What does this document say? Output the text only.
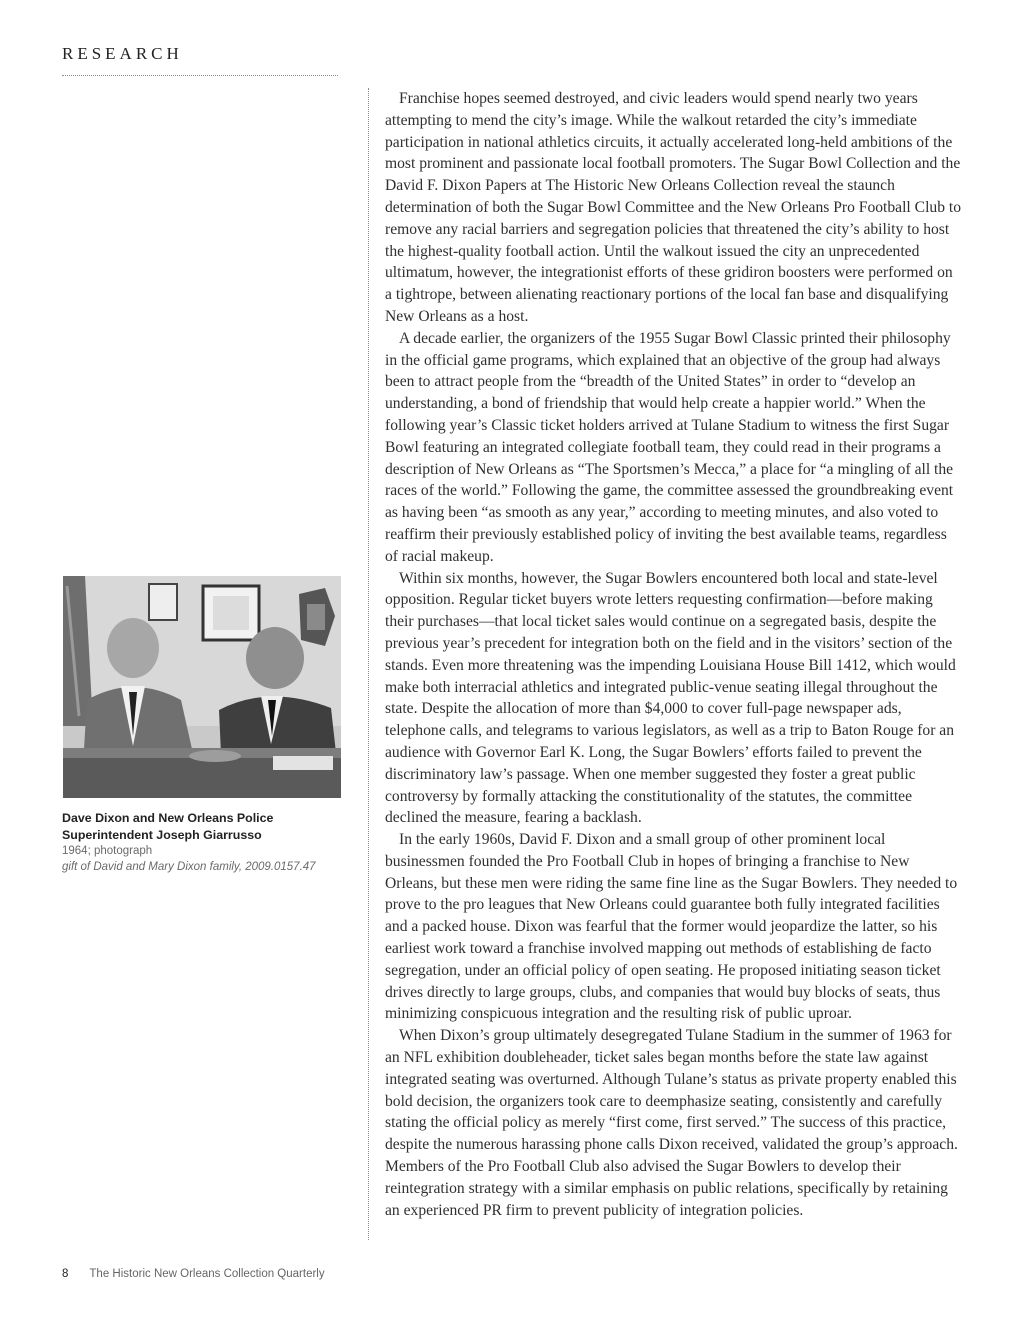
RESEARCH
Dave Dixon and New Orleans Police Superintendent Joseph Giarrusso
1964; photograph
gift of David and Mary Dixon family, 2009.0157.47

Franchise hopes seemed destroyed, and civic leaders would spend nearly two years attempting to mend the city’s image. While the walkout retarded the city’s immediate participation in national athletics circuits, it actually accelerated long-held ambitions of the most prominent and passionate local football promoters. The Sugar Bowl Collection and the David F. Dixon Papers at The Historic New Orleans Collection reveal the staunch determination of both the Sugar Bowl Committee and the New Orleans Pro Football Club to remove any racial barriers and segregation policies that threatened the city’s ability to host the highest-quality football action. Until the walkout issued the city an unprecedented ultimatum, however, the integrationist efforts of these gridiron boosters were performed on a tightrope, between alienating reactionary portions of the local fan base and disqualifying New Orleans as a host.

A decade earlier, the organizers of the 1955 Sugar Bowl Classic printed their philosophy in the official game programs, which explained that an objective of the group had always been to attract people from the “breadth of the United States” in order to “develop an understanding, a bond of friendship that would help create a happier world.” When the following year’s Classic ticket holders arrived at Tulane Stadium to witness the first Sugar Bowl featuring an integrated collegiate football team, they could read in their programs a description of New Orleans as “The Sportsmen’s Mecca,” a place for “a mingling of all the races of the world.” Following the game, the committee assessed the groundbreaking event as having been “as smooth as any year,” according to meeting minutes, and also voted to reaffirm their previously established policy of inviting the best available teams, regardless of racial makeup.

Within six months, however, the Sugar Bowlers encountered both local and state-level opposition. Regular ticket buyers wrote letters requesting confirmation—before making their purchases—that local ticket sales would continue on a segregated basis, despite the previous year’s precedent for integration both on the field and in the visitors’ section of the stands. Even more threatening was the impending Louisiana House Bill 1412, which would make both interracial athletics and integrated public-venue seating illegal throughout the state. Despite the allocation of more than $4,000 to cover full-page newspaper ads, telephone calls, and telegrams to various legislators, as well as a trip to Baton Rouge for an audience with Governor Earl K. Long, the Sugar Bowlers’ efforts failed to prevent the discriminatory law’s passage. When one member suggested they foster a great public controversy by formally attacking the constitutionality of the statutes, the committee declined the measure, fearing a backlash.

In the early 1960s, David F. Dixon and a small group of other prominent local businessmen founded the Pro Football Club in hopes of bringing a franchise to New Orleans, but these men were riding the same fine line as the Sugar Bowlers. They needed to prove to the pro leagues that New Orleans could guarantee both fully integrated facilities and a packed house. Dixon was fearful that the former would jeopardize the latter, so his earliest work toward a franchise involved mapping out methods of establishing de facto segregation, under an official policy of open seating. He proposed initiating season ticket drives directly to large groups, clubs, and companies that would buy blocks of seats, thus minimizing conspicuous integration and the resulting risk of public uproar.

When Dixon’s group ultimately desegregated Tulane Stadium in the summer of 1963 for an NFL exhibition doubleheader, ticket sales began months before the state law against integrated seating was overturned. Although Tulane’s status as private property enabled this bold decision, the organizers took care to deemphasize seating, consistently and carefully stating the official policy as merely “first come, first served.” The success of this practice, despite the numerous harassing phone calls Dixon received, validated the group’s approach. Members of the Pro Football Club also advised the Sugar Bowlers to develop their reintegration strategy with a similar emphasis on public relations, specifically by retaining an experienced PR firm to prevent publicity of integration policies.

8 The Historic New Orleans Collection Quarterly
